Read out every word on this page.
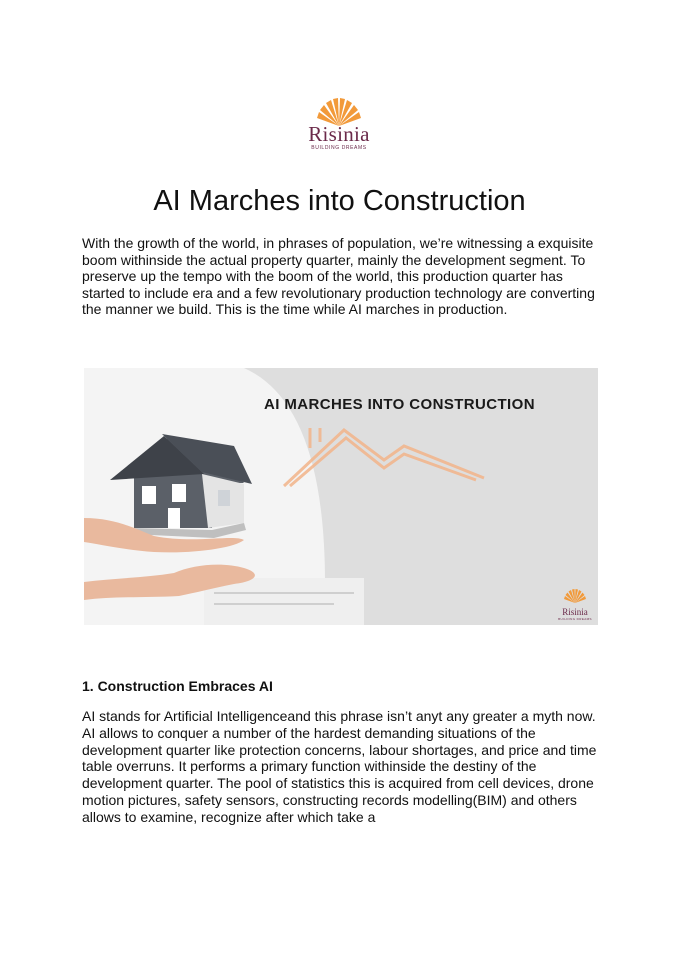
Risinia
BUILDING DREAMS
AI Marches into Construction
With the growth of the world, in phrases of population, we’re witnessing a exquisite boom withinside the actual property quarter, mainly the development segment. To preserve up the tempo with the boom of the world, this production quarter has started to include era and a few revolutionary production technology are converting the manner we build. This is the time while AI marches in production.
AI MARCHES INTO CONSTRUCTION
Risinia
BUILDING DREAMS
1. Construction Embraces AI
AI stands for Artificial Intelligenceand this phrase isn’t anyt any greater a myth now. AI allows to conquer a number of the hardest demanding situations of the development quarter like protection concerns, labour shortages, and price and time table overruns. It performs a primary function withinside the destiny of the development quarter. The pool of statistics this is acquired from cell devices, drone motion pictures, safety sensors, constructing records modelling(BIM) and others allows to examine, recognize after which take a
